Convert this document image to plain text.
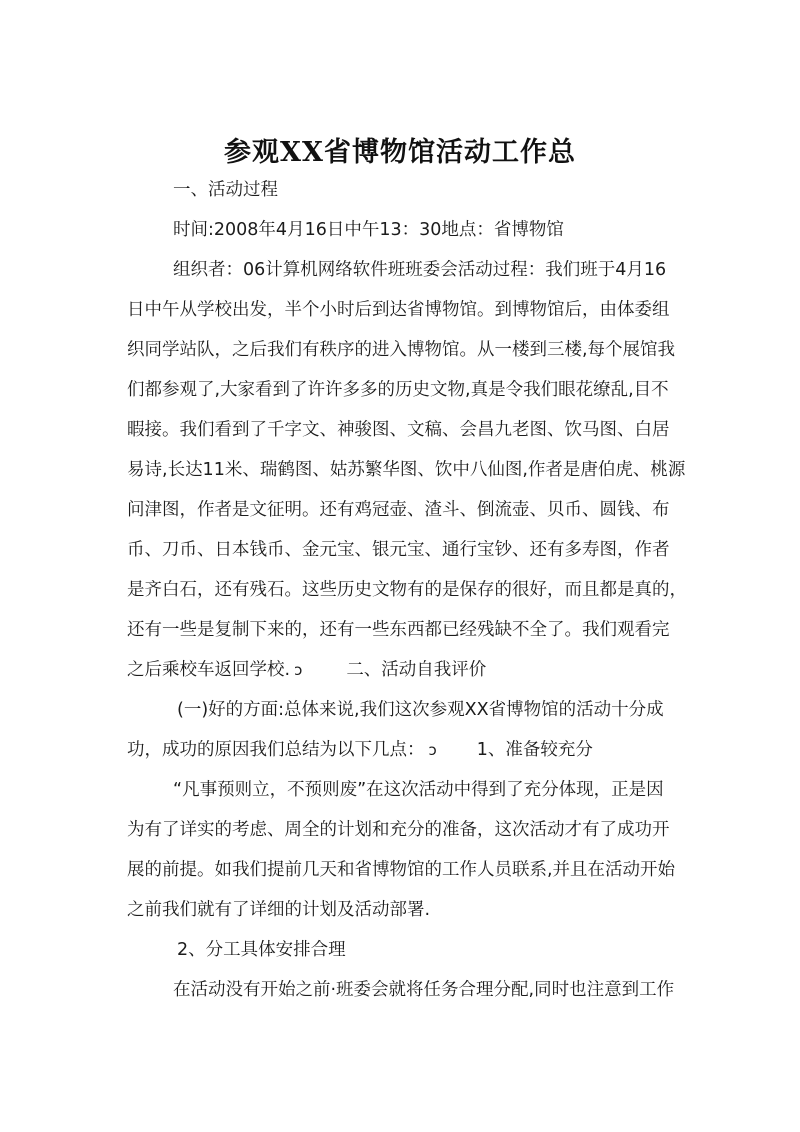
参观XX省博物馆活动工作总
一、活动过程
时间:2008年4月16日中午13：30地点：省博物馆
组织者：06计算机网络软件班班委会活动过程：我们班于4月16
日中午从学校出发，半个小时后到达省博物馆。到博物馆后，由体委组
织同学站队，之后我们有秩序的进入博物馆。从一楼到三楼,每个展馆我
们都参观了,大家看到了许许多多的历史文物,真是令我们眼花缭乱,目不
暇接。我们看到了千字文、神骏图、文稿、会昌九老图、饮马图、白居
易诗,长达11米、瑞鹤图、姑苏繁华图、饮中八仙图,作者是唐伯虎、桃源
问津图，作者是文征明。还有鸡冠壶、渣斗、倒流壶、贝币、圆钱、布
币、刀币、日本钱币、金元宝、银元宝、通行宝钞、还有多寿图，作者
是齐白石，还有残石。这些历史文物有的是保存的很好，而且都是真的，
还有一些是复制下来的，还有一些东西都已经残缺不全了。我们观看完
之后乘校车返回学校. ↄ	二、活动自我评价
(一)好的方面:总体来说,我们这次参观XX省博物馆的活动十分成
功，成功的原因我们总结为以下几点： ↄ 1、准备较充分
“凡事预则立，不预则废”在这次活动中得到了充分体现，正是因
为有了详实的考虑、周全的计划和充分的准备，这次活动才有了成功开
展的前提。如我们提前几天和省博物馆的工作人员联系,并且在活动开始
之前我们就有了详细的计划及活动部署.
2、分工具体安排合理
在活动没有开始之前·班委会就将任务合理分配,同时也注意到工作
